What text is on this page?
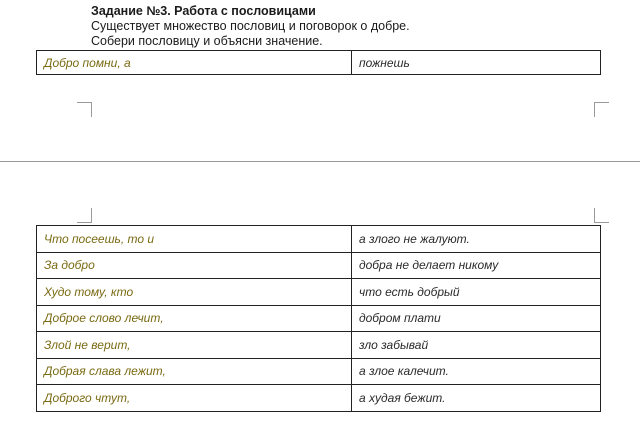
Задание №3. Работа с пословицами
Существует множество пословиц и поговорок о добре.
Собери пословицу и объясни значение.
Добро помни, а	пожнешь
Что посеешь, то и	а злого не жалуют.
За добро	добра не делает никому
Худо тому, кто	что есть добрый
Доброе слово лечит,	добром плати
Злой не верит,	зло забывай
Добрая слава лежит,	а злое калечит.
Доброго чтут,	а худая бежит.
